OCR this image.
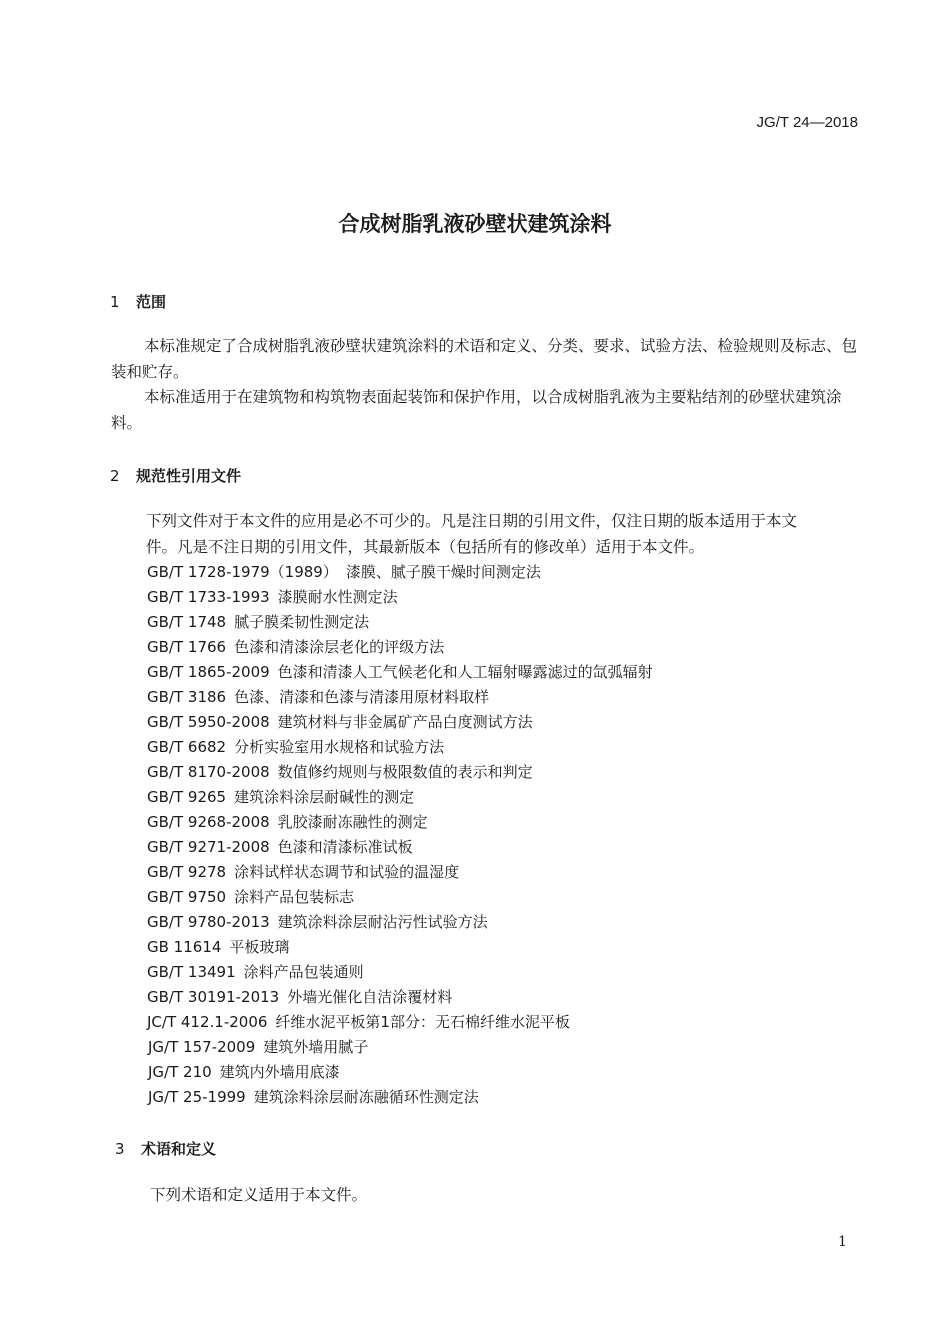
JG/T 24—2018
合成树脂乳液砂壁状建筑涂料
1 范围
本标准规定了合成树脂乳液砂壁状建筑涂料的术语和定义、分类、要求、试验方法、检验规则及标志、包装和贮存。
本标准适用于在建筑物和构筑物表面起装饰和保护作用，以合成树脂乳液为主要粘结剂的砂壁状建筑涂料。
2 规范性引用文件
下列文件对于本文件的应用是必不可少的。凡是注日期的引用文件，仅注日期的版本适用于本文件。凡是不注日期的引用文件，其最新版本（包括所有的修改单）适用于本文件。
GB/T 1728-1979（1989） 漆膜、腻子膜干燥时间测定法
GB/T 1733-1993 漆膜耐水性测定法
GB/T 1748 腻子膜柔韧性测定法
GB/T 1766 色漆和清漆涂层老化的评级方法
GB/T 1865-2009 色漆和清漆人工气候老化和人工辐射曝露滤过的氙弧辐射
GB/T 3186 色漆、清漆和色漆与清漆用原材料取样
GB/T 5950-2008 建筑材料与非金属矿产品白度测试方法
GB/T 6682 分析实验室用水规格和试验方法
GB/T 8170-2008 数值修约规则与极限数值的表示和判定
GB/T 9265 建筑涂料涂层耐碱性的测定
GB/T 9268-2008 乳胶漆耐冻融性的测定
GB/T 9271-2008 色漆和清漆标准试板
GB/T 9278 涂料试样状态调节和试验的温湿度
GB/T 9750 涂料产品包装标志
GB/T 9780-2013 建筑涂料涂层耐沾污性试验方法
GB 11614 平板玻璃
GB/T 13491 涂料产品包装通则
GB/T 30191-2013 外墙光催化自洁涂覆材料
JC/T 412.1-2006 纤维水泥平板第1部分：无石棉纤维水泥平板
JG/T 157-2009 建筑外墙用腻子
JG/T 210 建筑内外墙用底漆
JG/T 25-1999 建筑涂料涂层耐冻融循环性测定法
3 术语和定义
下列术语和定义适用于本文件。
1
